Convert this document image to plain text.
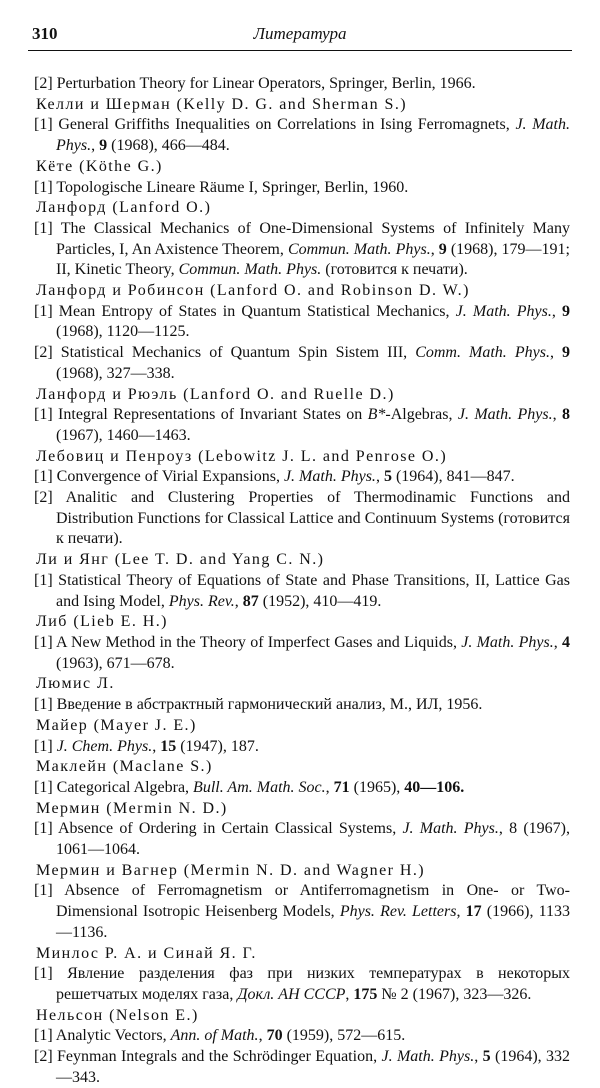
310	Литература
[2] Perturbation Theory for Linear Operators, Springer, Berlin, 1966.
Келли и Шерман (Kelly D. G. and Sherman S.)
[1] General Griffiths Inequalities on Correlations in Ising Ferromagnets, J. Math. Phys., 9 (1968), 466—484.
Кёте (Köthe G.)
[1] Topologische Lineare Räume I, Springer, Berlin, 1960.
Ланфорд (Lanford O.)
[1] The Classical Mechanics of One-Dimensional Systems of Infinitely Many Particles, I, An Axistence Theorem, Commun. Math. Phys., 9 (1968), 179—191; II, Kinetic Theory, Commun. Math. Phys. (готовится к печати).
Ланфорд и Робинсон (Lanford O. and Robinson D. W.)
[1] Mean Entropy of States in Quantum Statistical Mechanics, J. Math. Phys., 9 (1968), 1120—1125.
[2] Statistical Mechanics of Quantum Spin Sistem III, Comm. Math. Phys., 9 (1968), 327—338.
Ланфорд и Рюэль (Lanford O. and Ruelle D.)
[1] Integral Representations of Invariant States on B*-Algebras, J. Math. Phys., 8 (1967), 1460—1463.
Лебовиц и Пенроуз (Lebowitz J. L. and Penrose O.)
[1] Convergence of Virial Expansions, J. Math. Phys., 5 (1964), 841—847.
[2] Analitic and Clustering Properties of Thermodinamic Functions and Distribution Functions for Classical Lattice and Continuum Systems (готовится к печати).
Ли и Янг (Lee T. D. and Yang C. N.)
[1] Statistical Theory of Equations of State and Phase Transitions, II, Lattice Gas and Ising Model, Phys. Rev., 87 (1952), 410—419.
Либ (Lieb E. H.)
[1] A New Method in the Theory of Imperfect Gases and Liquids, J. Math. Phys., 4 (1963), 671—678.
Люмис Л.
[1] Введение в абстрактный гармонический анализ, М., ИЛ, 1956.
Майер (Mayer J. E.)
[1] J. Chem. Phys., 15 (1947), 187.
Маклейн (Maclane S.)
[1] Categorical Algebra, Bull. Am. Math. Soc., 71 (1965), 40—106.
Мермин (Mermin N. D.)
[1] Absence of Ordering in Certain Classical Systems, J. Math. Phys., 8 (1967), 1061—1064.
Мермин и Вагнер (Mermin N. D. and Wagner H.)
[1] Absence of Ferromagnetism or Antiferromagnetism in One- or Two-Dimensional Isotropic Heisenberg Models, Phys. Rev. Letters, 17 (1966), 1133—1136.
Минлос Р. А. и Синай Я. Г.
[1] Явление разделения фаз при низких температурах в некоторых решетчатых моделях газа, Докл. АН СССР, 175 № 2 (1967), 323—326.
Нельсон (Nelson E.)
[1] Analytic Vectors, Ann. of Math., 70 (1959), 572—615.
[2] Feynman Integrals and the Schrödinger Equation, J. Math. Phys., 5 (1964), 332—343.
